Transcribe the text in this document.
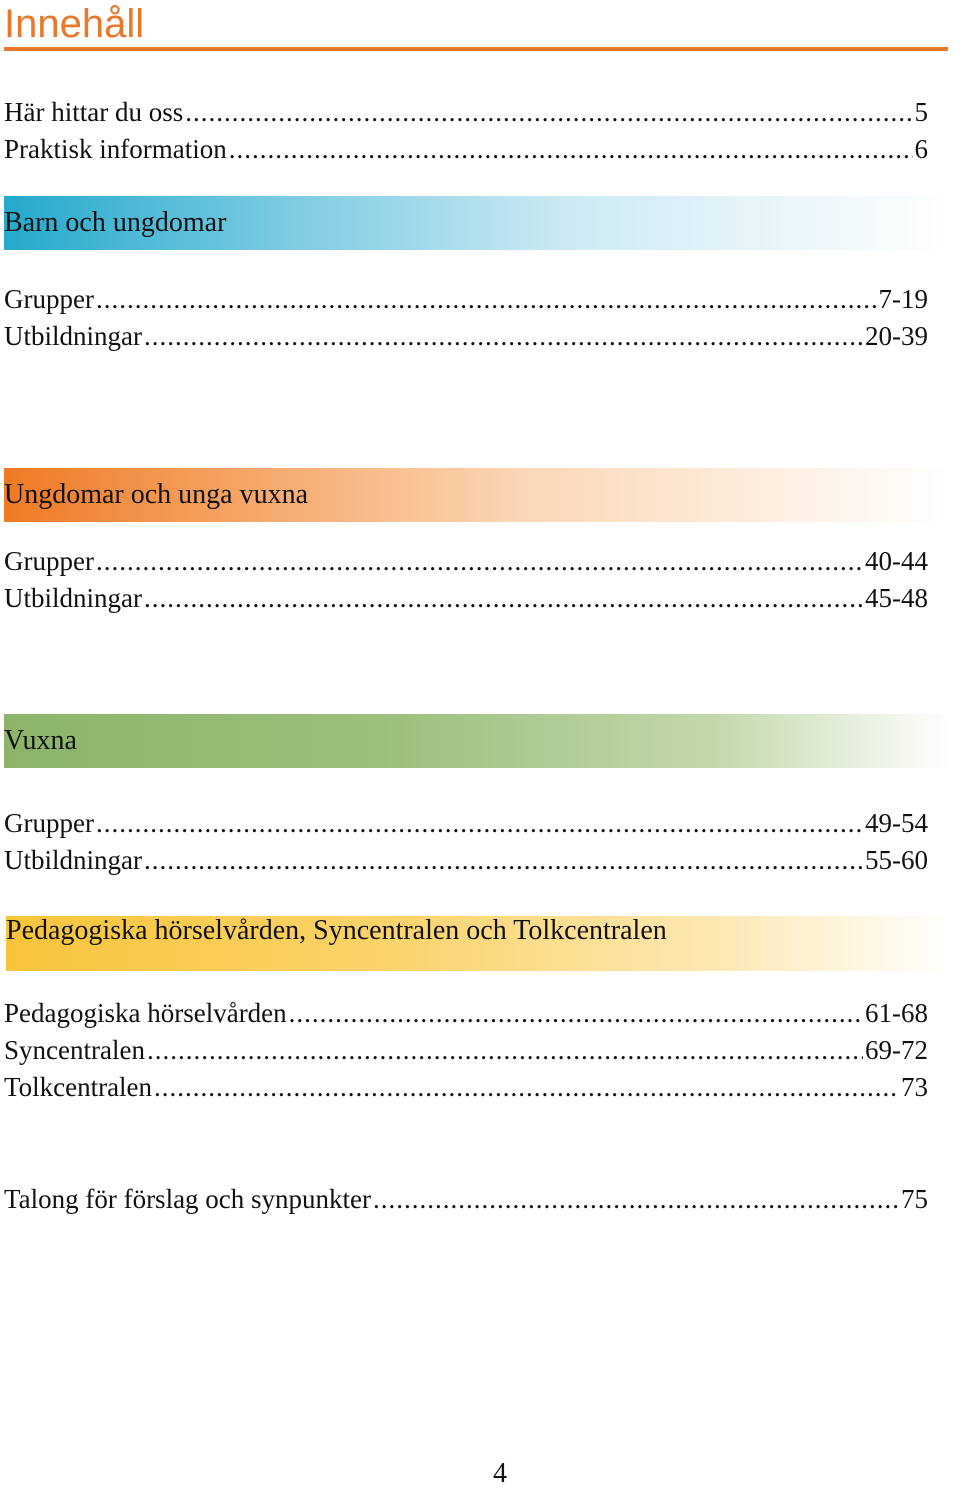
Innehåll
Här hittar du oss .....	5
Praktisk information .....	6
Barn och ungdomar
Grupper .....	7-19
Utbildningar .....	20-39
Ungdomar och unga vuxna
Grupper .....	40-44
Utbildningar .....	45-48
Vuxna
Grupper .....	49-54
Utbildningar .....	55-60
Pedagogiska hörselvården, Syncentralen och Tolkcentralen
Pedagogiska hörselvården .....	61-68
Syncentralen .....	69-72
Tolkcentralen .....	73
Talong för förslag och synpunkter .....	75
4
